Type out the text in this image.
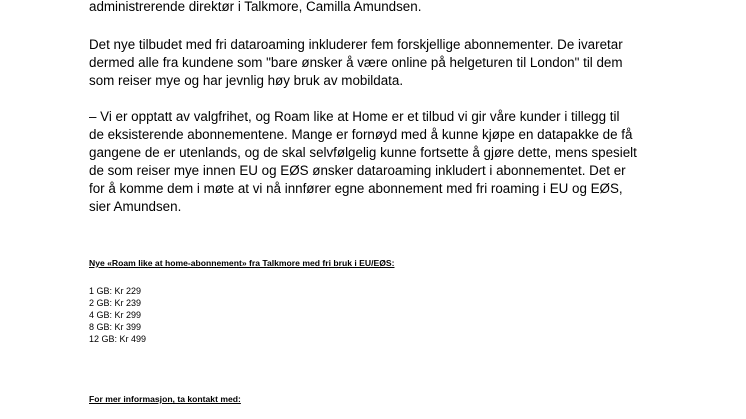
administrerende direktør i Talkmore, Camilla Amundsen.

Det nye tilbudet med fri dataroaming inkluderer fem forskjellige abonnementer. De ivaretar
dermed alle fra kundene som "bare ønsker å være online på helgeturen til London" til dem
som reiser mye og har jevnlig høy bruk av mobildata.

– Vi er opptatt av valgfrihet, og Roam like at Home er et tilbud vi gir våre kunder i tillegg til
de eksisterende abonnementene. Mange er fornøyd med å kunne kjøpe en datapakke de få
gangene de er utenlands, og de skal selvfølgelig kunne fortsette å gjøre dette, mens spesielt
de som reiser mye innen EU og EØS ønsker dataroaming inkludert i abonnementet. Det er
for å komme dem i møte at vi nå innfører egne abonnement med fri roaming i EU og EØS,
sier Amundsen.

Nye «Roam like at home-abonnement» fra Talkmore med fri bruk i EU/EØS:
1 GB: Kr 229
2 GB: Kr 239
4 GB: Kr 299
8 GB: Kr 399
12 GB: Kr 499
For mer informasjon, ta kontakt med:
